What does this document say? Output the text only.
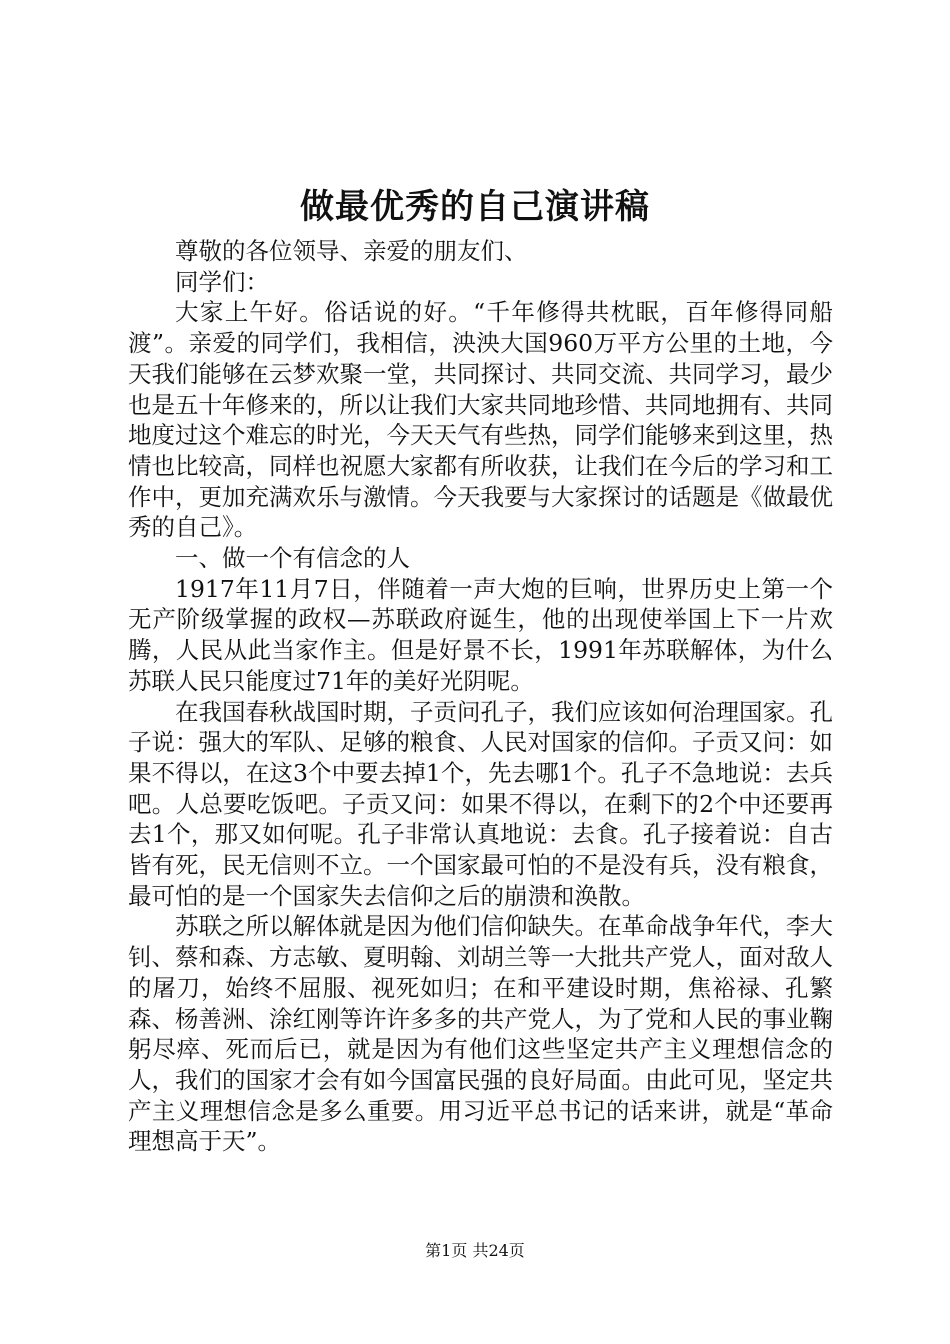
做最优秀的自己演讲稿

尊敬的各位领导、亲爱的朋友们、

同学们：

大家上午好。俗话说的好。“千年修得共枕眠，百年修得同船渡”。亲爱的同学们，我相信，泱泱大国960万平方公里的土地，今天我们能够在云梦欢聚一堂，共同探讨、共同交流、共同学习，最少也是五十年修来的，所以让我们大家共同地珍惜、共同地拥有、共同地度过这个难忘的时光，今天天气有些热，同学们能够来到这里，热情也比较高，同样也祝愿大家都有所收获，让我们在今后的学习和工作中，更加充满欢乐与激情。今天我要与大家探讨的话题是《做最优秀的自己》。

一、做一个有信念的人

1917年11月7日，伴随着一声大炮的巨响，世界历史上第一个无产阶级掌握的政权—苏联政府诞生，他的出现使举国上下一片欢腾，人民从此当家作主。但是好景不长，1991年苏联解体，为什么苏联人民只能度过71年的美好光阴呢。

在我国春秋战国时期，子贡问孔子，我们应该如何治理国家。孔子说：强大的军队、足够的粮食、人民对国家的信仰。子贡又问：如果不得以，在这3个中要去掉1个，先去哪1个。孔子不急地说：去兵吧。人总要吃饭吧。子贡又问：如果不得以，在剩下的2个中还要再去1个，那又如何呢。孔子非常认真地说：去食。孔子接着说：自古皆有死，民无信则不立。一个国家最可怕的不是没有兵，没有粮食，最可怕的是一个国家失去信仰之后的崩溃和涣散。

苏联之所以解体就是因为他们信仰缺失。在革命战争年代，李大钊、蔡和森、方志敏、夏明翰、刘胡兰等一大批共产党人，面对敌人的屠刀，始终不屈服、视死如归；在和平建设时期，焦裕禄、孔繁森、杨善洲、涂红刚等许许多多的共产党人，为了党和人民的事业鞠躬尽瘁、死而后已，就是因为有他们这些坚定共产主义理想信念的人，我们的国家才会有如今国富民强的良好局面。由此可见，坚定共产主义理想信念是多么重要。用习近平总书记的话来讲，就是“革命理想高于天”。

第1页 共24页
